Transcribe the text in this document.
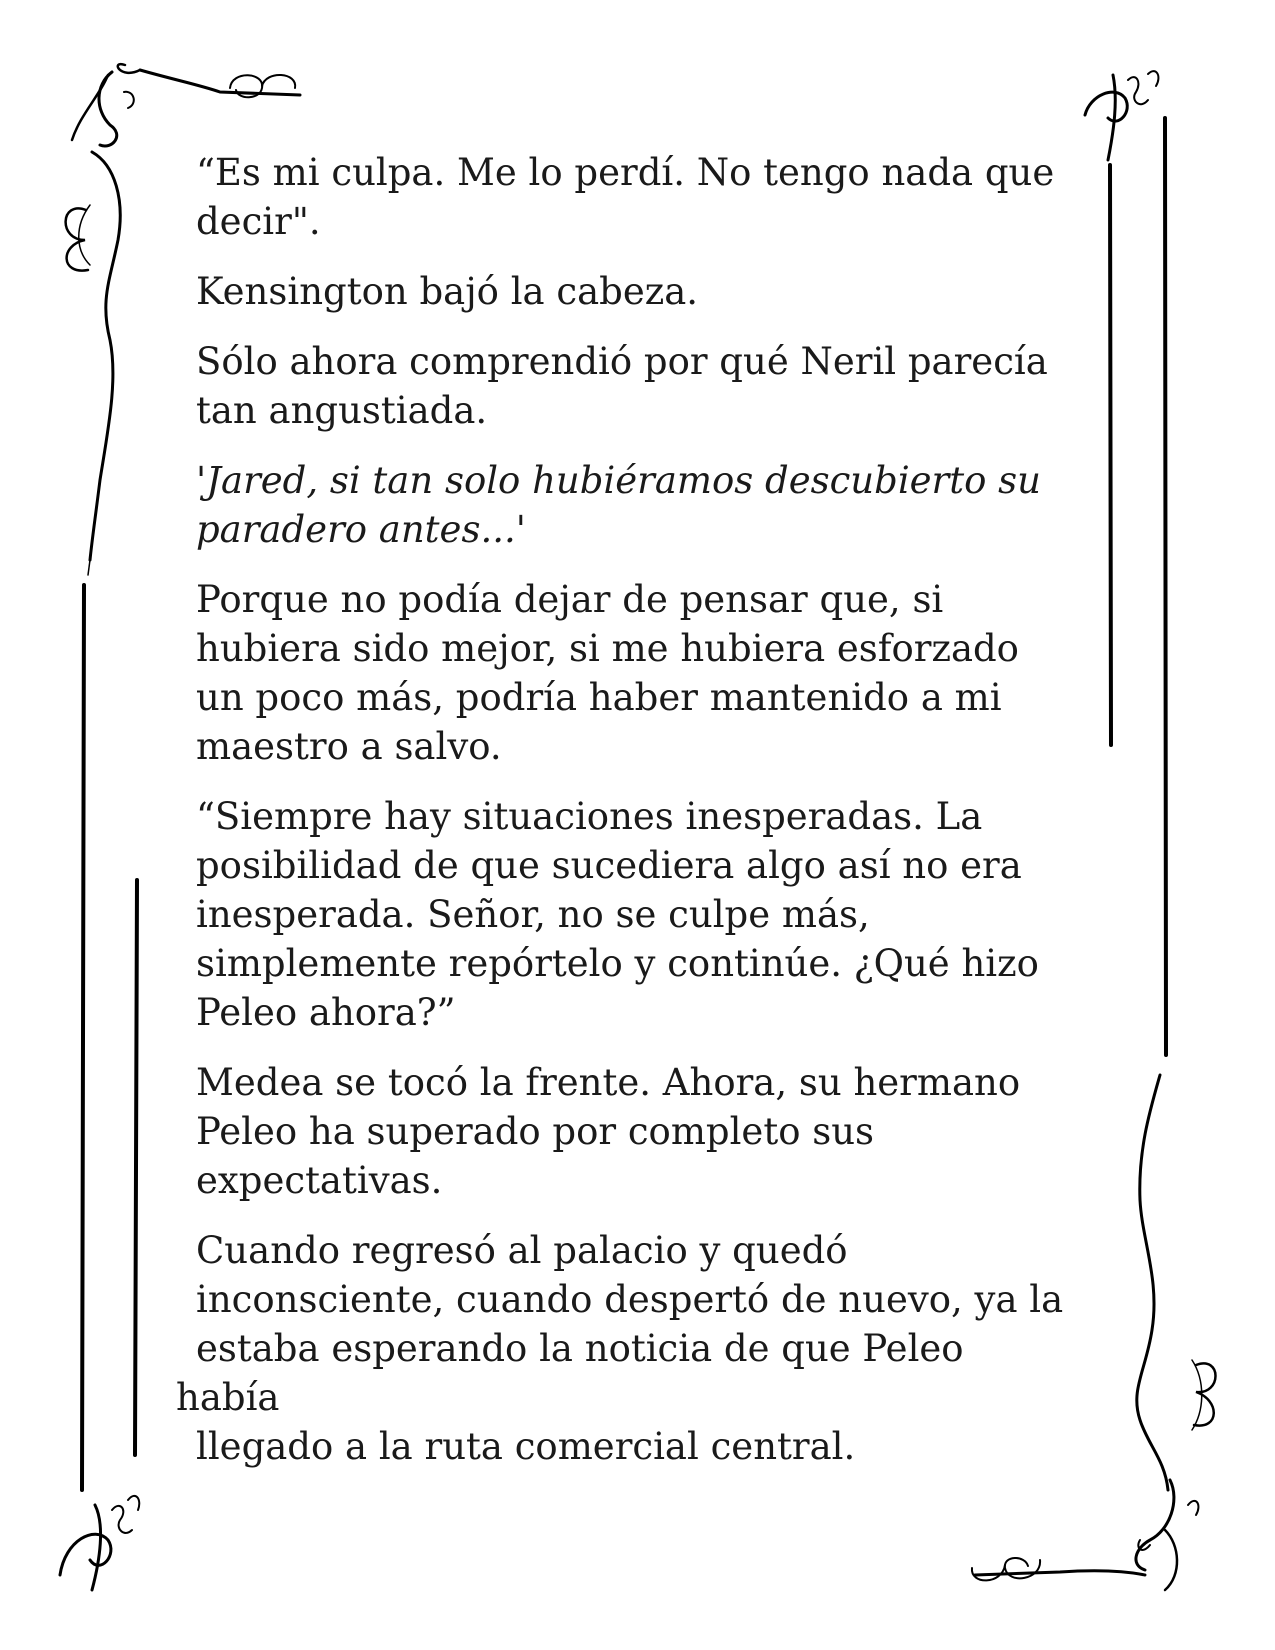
“Es mi culpa. Me lo perdí. No tengo nada que
decir".

Kensington bajó la cabeza.

Sólo ahora comprendió por qué Neril parecía
tan angustiada.

'Jared, si tan solo hubiéramos descubierto su
paradero antes...'

Porque no podía dejar de pensar que, si
hubiera sido mejor, si me hubiera esforzado
un poco más, podría haber mantenido a mi
maestro a salvo.

“Siempre hay situaciones inesperadas. La
posibilidad de que sucediera algo así no era
inesperada. Señor, no se culpe más,
simplemente repórtelo y continúe. ¿Qué hizo
Peleo ahora?”

Medea se tocó la frente. Ahora, su hermano
Peleo ha superado por completo sus
expectativas.

Cuando regresó al palacio y quedó
inconsciente, cuando despertó de nuevo, ya la
estaba esperando la noticia de que Peleo había
llegado a la ruta comercial central.
